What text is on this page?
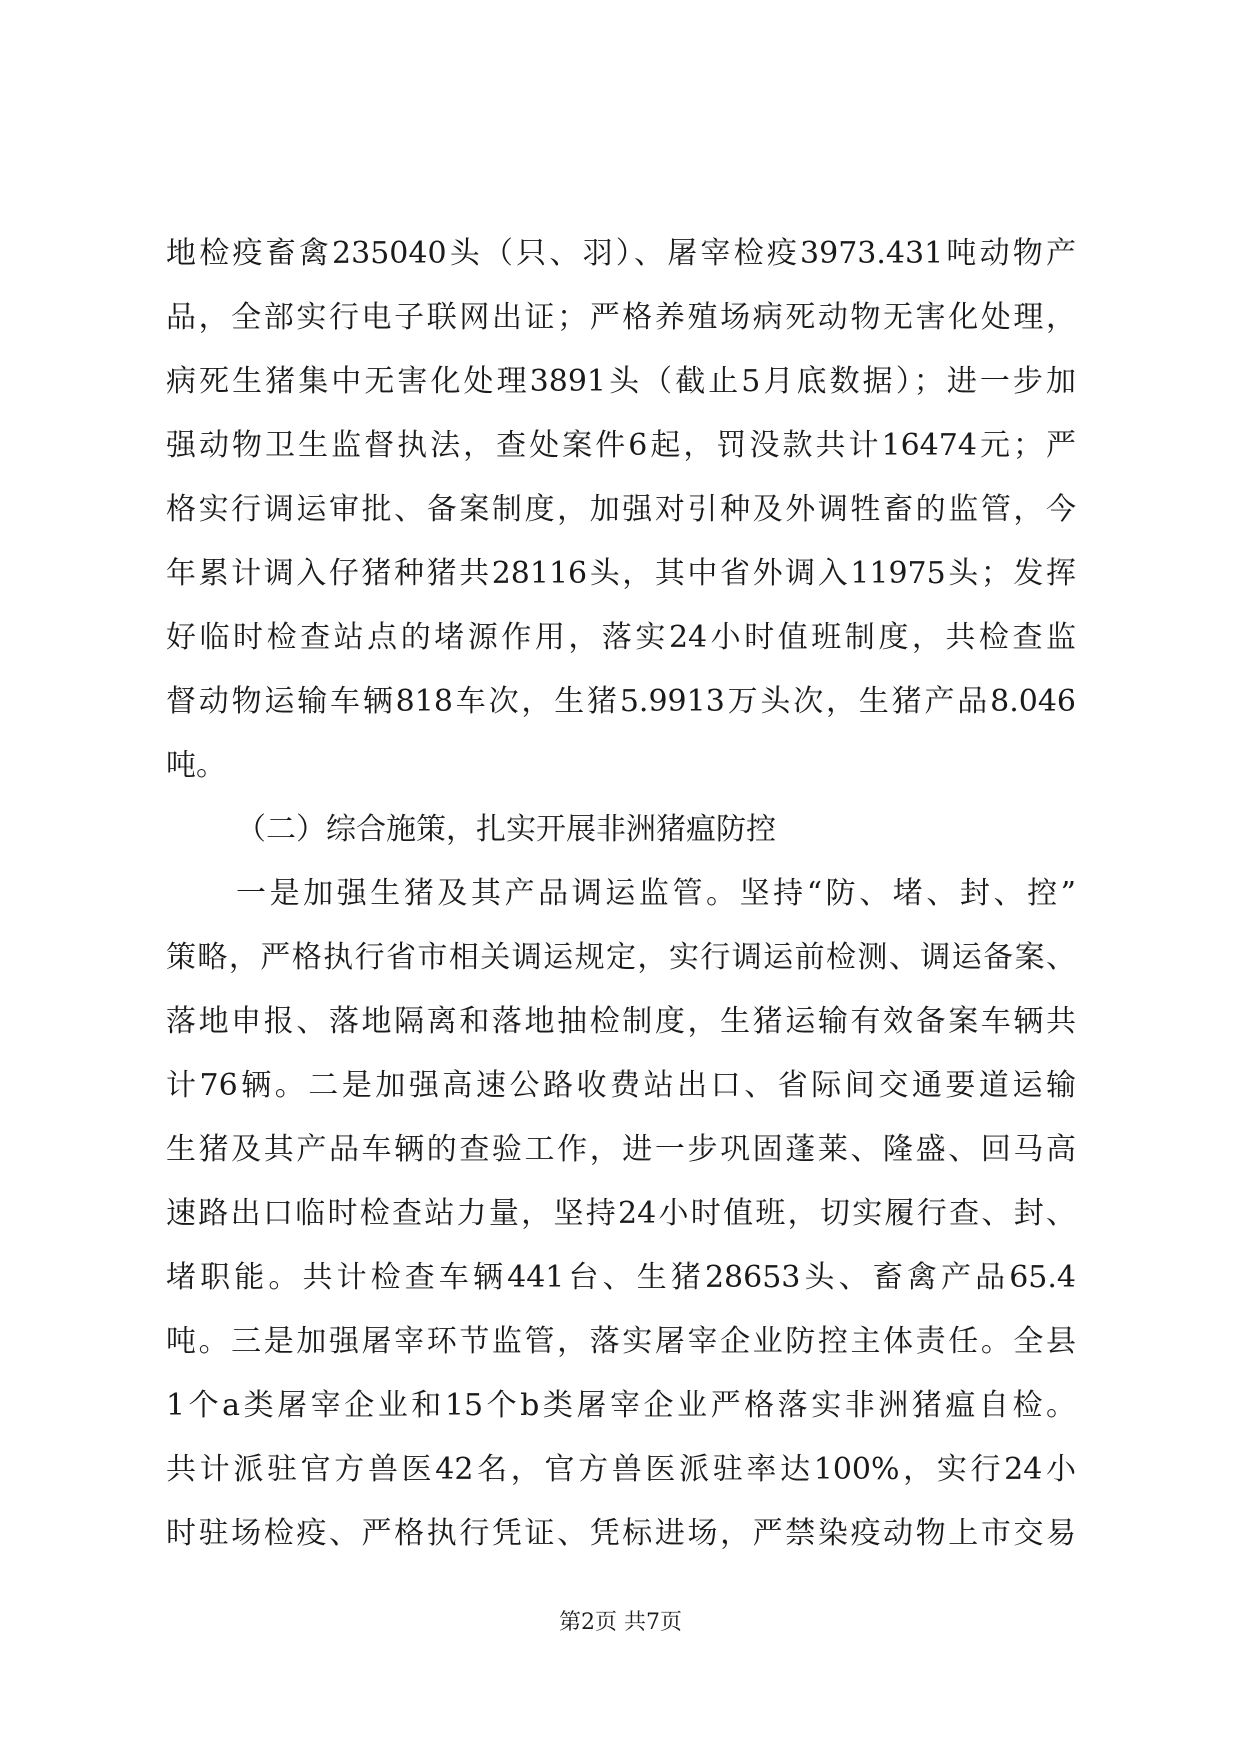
地检疫畜禽235040头（只、羽）、屠宰检疫3973.431吨动物产
品，全部实行电子联网出证；严格养殖场病死动物无害化处理，
病死生猪集中无害化处理3891头（截止5月底数据）；进一步加
强动物卫生监督执法，查处案件6起，罚没款共计16474元；严
格实行调运审批、备案制度，加强对引种及外调牲畜的监管，今
年累计调入仔猪种猪共28116头，其中省外调入11975头；发挥
好临时检查站点的堵源作用，落实24小时值班制度，共检查监
督动物运输车辆818车次，生猪5.9913万头次，生猪产品8.046
吨。
（二）综合施策，扎实开展非洲猪瘟防控
一是加强生猪及其产品调运监管。坚持“防、堵、封、控”
策略，严格执行省市相关调运规定，实行调运前检测、调运备案、
落地申报、落地隔离和落地抽检制度，生猪运输有效备案车辆共
计76辆。二是加强高速公路收费站出口、省际间交通要道运输
生猪及其产品车辆的查验工作，进一步巩固蓬莱、隆盛、回马高
速路出口临时检查站力量，坚持24小时值班，切实履行查、封、
堵职能。共计检查车辆441台、生猪28653头、畜禽产品65.4
吨。三是加强屠宰环节监管，落实屠宰企业防控主体责任。全县
1个a类屠宰企业和15个b类屠宰企业严格落实非洲猪瘟自检。
共计派驻官方兽医42名，官方兽医派驻率达100%，实行24小
时驻场检疫、严格执行凭证、凭标进场，严禁染疫动物上市交易
第2页 共7页
